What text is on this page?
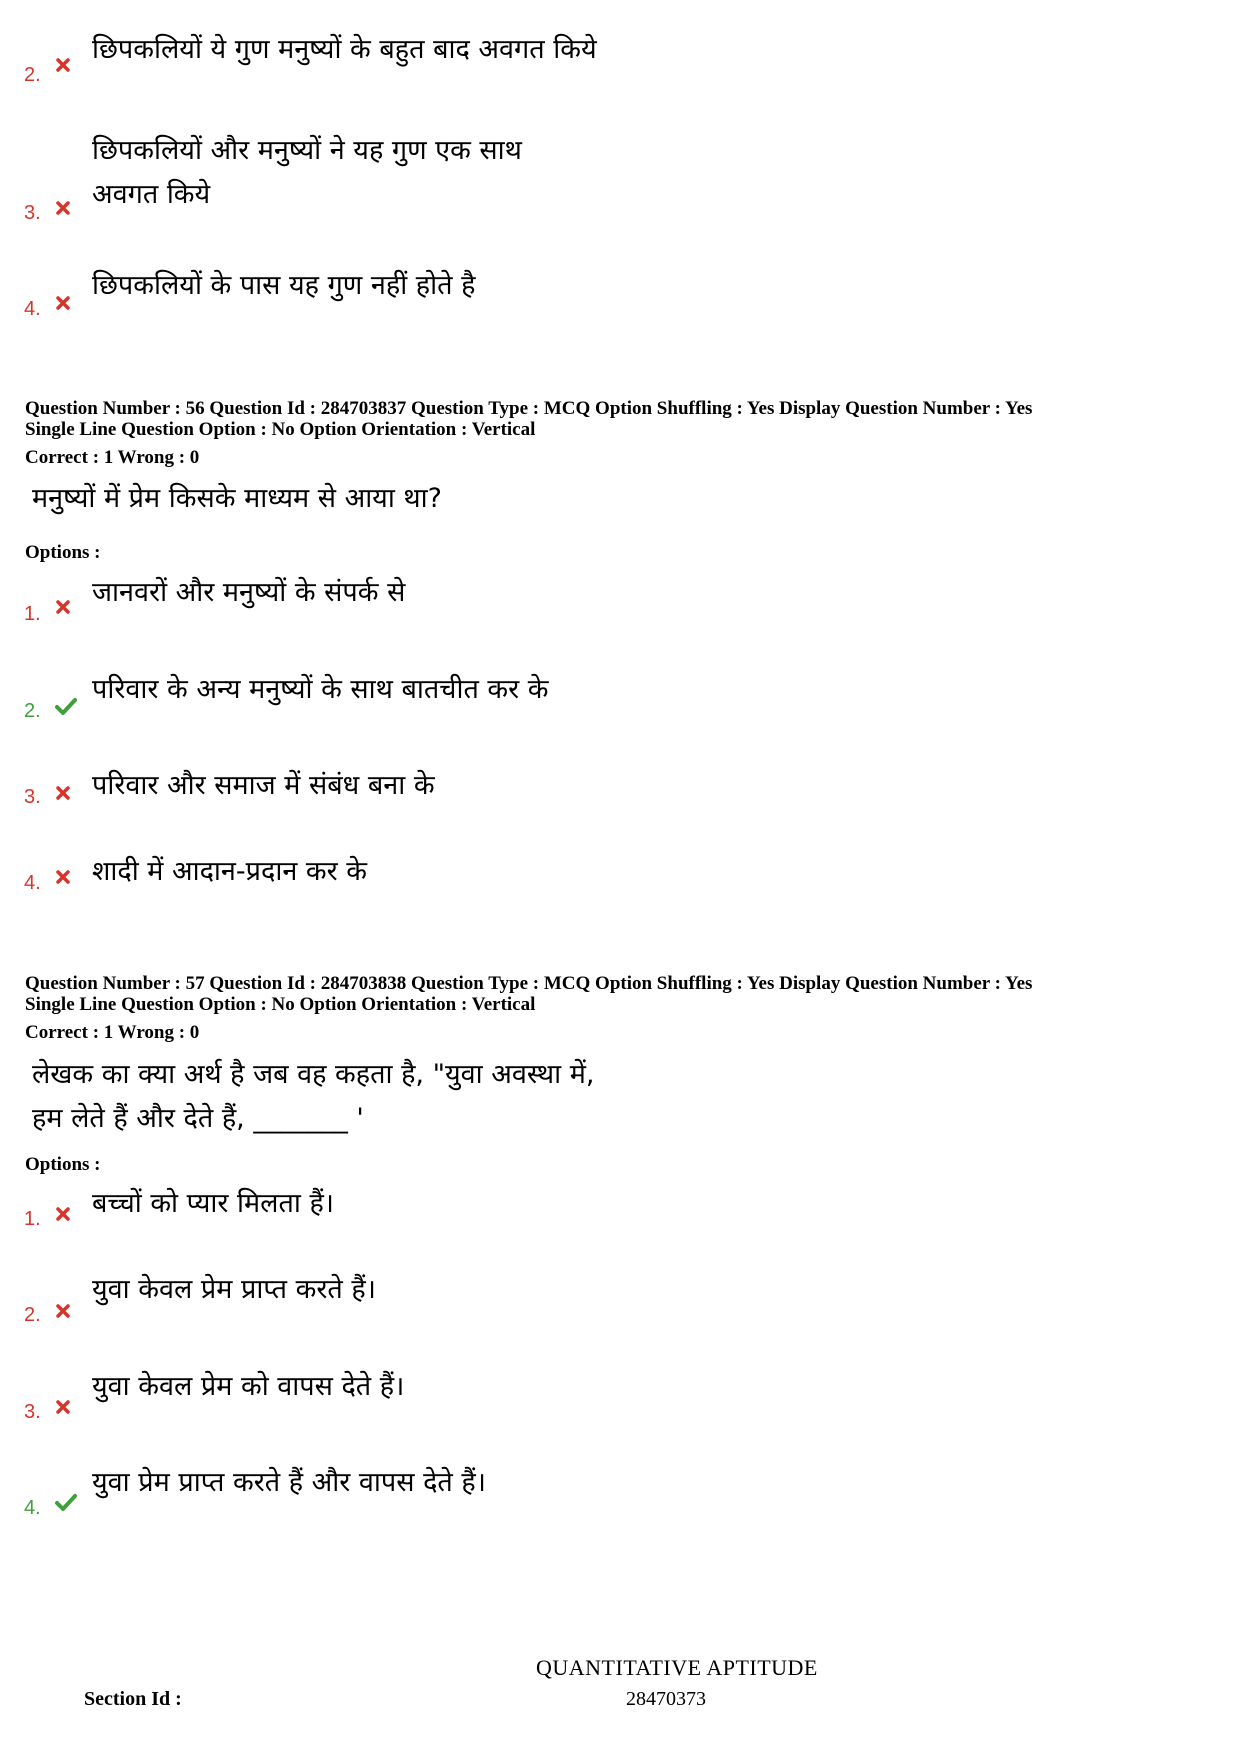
2.
छिपकलियों ये गुण मनुष्यों के बहुत बाद अवगत किये
3.
छिपकलियों और मनुष्यों ने यह गुण एक साथ
अवगत किये
4.
छिपकलियों के पास यह गुण नहीं होते है
Question Number : 56 Question Id : 284703837 Question Type : MCQ Option Shuffling : Yes Display Question Number : Yes
Single Line Question Option : No Option Orientation : Vertical
Correct : 1 Wrong : 0
मनुष्यों में प्रेम किसके माध्यम से आया था?
Options :
1.
जानवरों और मनुष्यों के संपर्क से
2.
परिवार के अन्य मनुष्यों के साथ बातचीत कर के
3. परिवार और समाज में संबंध बना के
4. शादी में आदान-प्रदान कर के
Question Number : 57 Question Id : 284703838 Question Type : MCQ Option Shuffling : Yes Display Question Number : Yes
Single Line Question Option : No Option Orientation : Vertical
Correct : 1 Wrong : 0
लेखक का क्या अर्थ है जब वह कहता है, "युवा अवस्था में,
हम लेते हैं और देते हैं, _______ '
Options :
1. बच्चों को प्यार मिलता हैं।
2.
युवा केवल प्रेम प्राप्त करते हैं।
3.
युवा केवल प्रेम को वापस देते हैं।
4.
युवा प्रेम प्राप्त करते हैं और वापस देते हैं।
QUANTITATIVE APTITUDE
Section Id :	28470373
